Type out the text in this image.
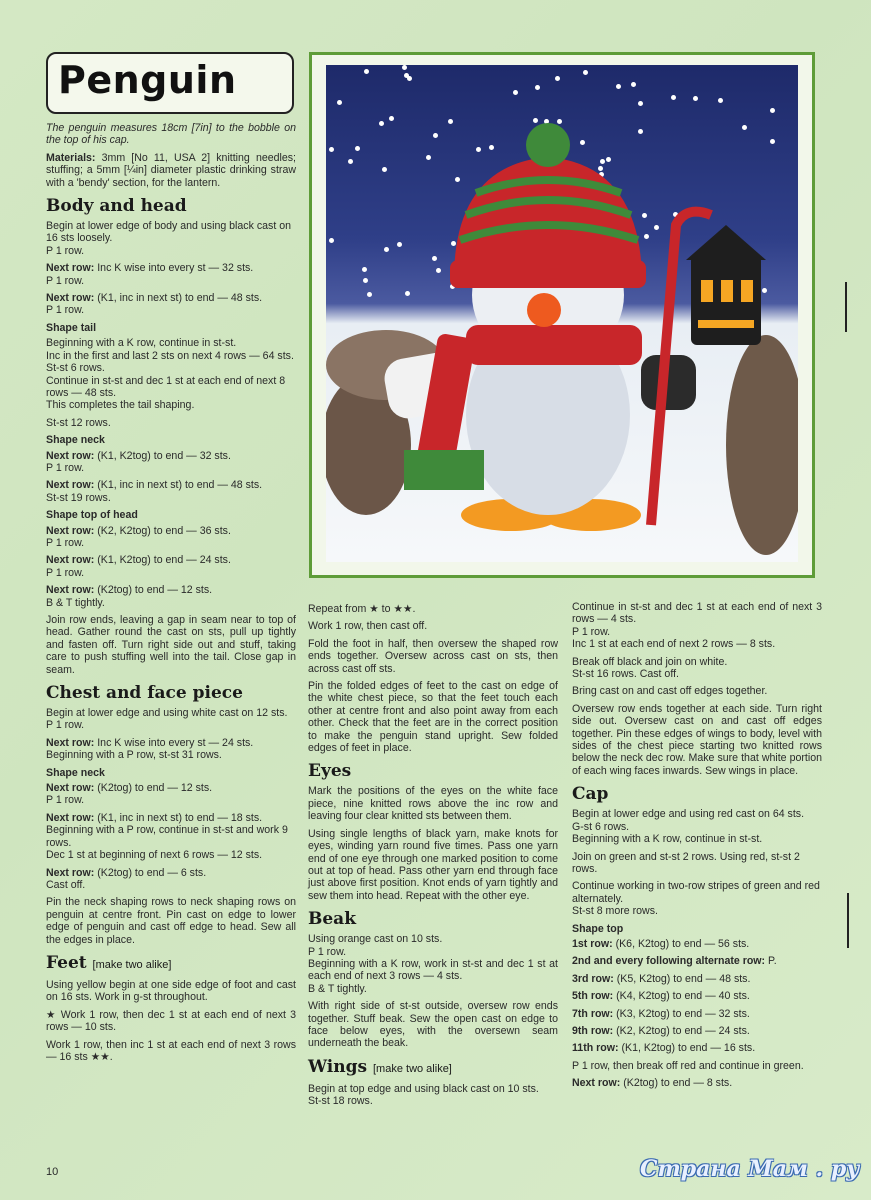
Penguin

The penguin measures 18cm [7in] to the bobble on the top of his cap.

Materials: 3mm [No 11, USA 2] knitting needles; stuffing; a 5mm [¼in] diameter plastic drinking straw with a 'bendy' section, for the lantern.

Body and head

Begin at lower edge of body and using black cast on 16 sts loosely.

P 1 row.

Next row: Inc K wise into every st — 32 sts.

P 1 row.

Next row: (K1, inc in next st) to end — 48 sts.

P 1 row.

Shape tail

Beginning with a K row, continue in st-st.

Inc in the first and last 2 sts on next 4 rows — 64 sts.

St-st 6 rows.

Continue in st-st and dec 1 st at each end of next 8 rows — 48 sts.

This completes the tail shaping.

St-st 12 rows.

Shape neck

Next row: (K1, K2tog) to end — 32 sts.

P 1 row.

Next row: (K1, inc in next st) to end — 48 sts.

St-st 19 rows.

Shape top of head

Next row: (K2, K2tog) to end — 36 sts.

P 1 row.

Next row: (K1, K2tog) to end — 24 sts.

P 1 row.

Next row: (K2tog) to end — 12 sts.

B & T tightly.

Join row ends, leaving a gap in seam near to top of head. Gather round the cast on sts, pull up tightly and fasten off. Turn right side out and stuff, taking care to push stuffing well into the tail. Close gap in seam.

Chest and face piece

Begin at lower edge and using white cast on 12 sts.

P 1 row.

Next row: Inc K wise into every st — 24 sts.

Beginning with a P row, st-st 31 rows.

Shape neck

Next row: (K2tog) to end — 12 sts.

P 1 row.

Next row: (K1, inc in next st) to end — 18 sts.

Beginning with a P row, continue in st-st and work 9 rows.

Dec 1 st at beginning of next 6 rows — 12 sts.

Next row: (K2tog) to end — 6 sts.

Cast off.

Pin the neck shaping rows to neck shaping rows on penguin at centre front. Pin cast on edge to lower edge of penguin and cast off edge to head. Sew all the edges in place.

Feet [make two alike]

Using yellow begin at one side edge of foot and cast on 16 sts. Work in g-st throughout.

★ Work 1 row, then dec 1 st at each end of next 3 rows — 10 sts.

Work 1 row, then inc 1 st at each end of next 3 rows — 16 sts ★★.

Repeat from ★ to ★★.

Work 1 row, then cast off.

Fold the foot in half, then oversew the shaped row ends together. Oversew across cast on sts, then across cast off sts.

Pin the folded edges of feet to the cast on edge of the white chest piece, so that the feet touch each other at centre front and also point away from each other. Check that the feet are in the correct position to make the penguin stand upright. Sew folded edges of feet in place.

Eyes

Mark the positions of the eyes on the white face piece, nine knitted rows above the inc row and leaving four clear knitted sts between them.

Using single lengths of black yarn, make knots for eyes, winding yarn round five times. Pass one yarn end of one eye through one marked position to come out at top of head. Pass other yarn end through face just above first position. Knot ends of yarn tightly and sew them into head. Repeat with the other eye.

Beak

Using orange cast on 10 sts.

P 1 row.

Beginning with a K row, work in st-st and dec 1 st at each end of next 3 rows — 4 sts.

B & T tightly.

With right side of st-st outside, oversew row ends together. Stuff beak. Sew the open cast on edge to face below eyes, with the oversewn seam underneath the beak.

Wings [make two alike]

Begin at top edge and using black cast on 10 sts.

St-st 18 rows.

Continue in st-st and dec 1 st at each end of next 3 rows — 4 sts.

P 1 row.

Inc 1 st at each end of next 2 rows — 8 sts.

Break off black and join on white.

St-st 16 rows. Cast off.

Bring cast on and cast off edges together.

Oversew row ends together at each side. Turn right side out. Oversew cast on and cast off edges together. Pin these edges of wings to body, level with sides of the chest piece starting two knitted rows below the neck dec row. Make sure that white portion of each wing faces inwards. Sew wings in place.

Cap

Begin at lower edge and using red cast on 64 sts.

G-st 6 rows.

Beginning with a K row, continue in st-st.

Join on green and st-st 2 rows. Using red, st-st 2 rows.

Continue working in two-row stripes of green and red alternately.

St-st 8 more rows.

Shape top

1st row: (K6, K2tog) to end — 56 sts.

2nd and every following alternate row: P.

3rd row: (K5, K2tog) to end — 48 sts.

5th row: (K4, K2tog) to end — 40 sts.

7th row: (K3, K2tog) to end — 32 sts.

9th row: (K2, K2tog) to end — 24 sts.

11th row: (K1, K2tog) to end — 16 sts.

P 1 row, then break off red and continue in green.

Next row: (K2tog) to end — 8 sts.

10	Страна Мам . ру
